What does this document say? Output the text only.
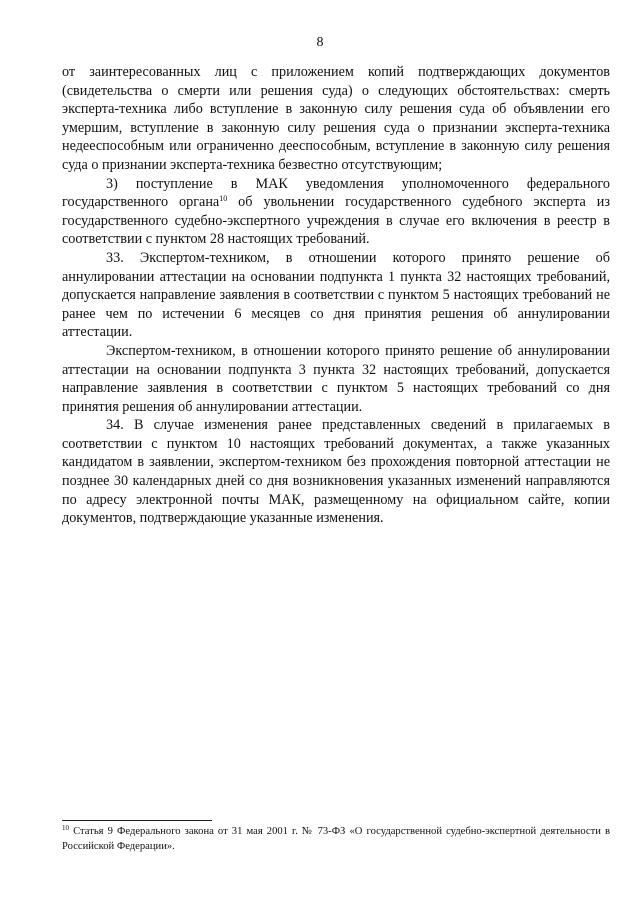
8

от заинтересованных лиц с приложением копий подтверждающих документов (свидетельства о смерти или решения суда) о следующих обстоятельствах: смерть эксперта-техника либо вступление в законную силу решения суда об объявлении его умершим, вступление в законную силу решения суда о признании эксперта-техника недееспособным или ограниченно дееспособным, вступление в законную силу решения суда о признании эксперта-техника безвестно отсутствующим;

3) поступление в МАК уведомления уполномоченного федерального государственного органа$^{10}$ об увольнении государственного судебного эксперта из государственного судебно-экспертного учреждения в случае его включения в реестр в соответствии с пунктом 28 настоящих требований.

33. Экспертом-техником, в отношении которого принято решение об аннулировании аттестации на основании подпункта 1 пункта 32 настоящих требований, допускается направление заявления в соответствии с пунктом 5 настоящих требований не ранее чем по истечении 6 месяцев со дня принятия решения об аннулировании аттестации.

Экспертом-техником, в отношении которого принято решение об аннулировании аттестации на основании подпункта 3 пункта 32 настоящих требований, допускается направление заявления в соответствии с пунктом 5 настоящих требований со дня принятия решения об аннулировании аттестации.

34. В случае изменения ранее представленных сведений в прилагаемых в соответствии с пунктом 10 настоящих требований документах, а также указанных кандидатом в заявлении, экспертом-техником без прохождения повторной аттестации не позднее 30 календарных дней со дня возникновения указанных изменений направляются по адресу электронной почты МАК, размещенному на официальном сайте, копии документов, подтверждающие указанные изменения.

$^{10}$ Статья 9 Федерального закона от 31 мая 2001 г. № 73-ФЗ «О государственной судебно-экспертной деятельности в Российской Федерации».
